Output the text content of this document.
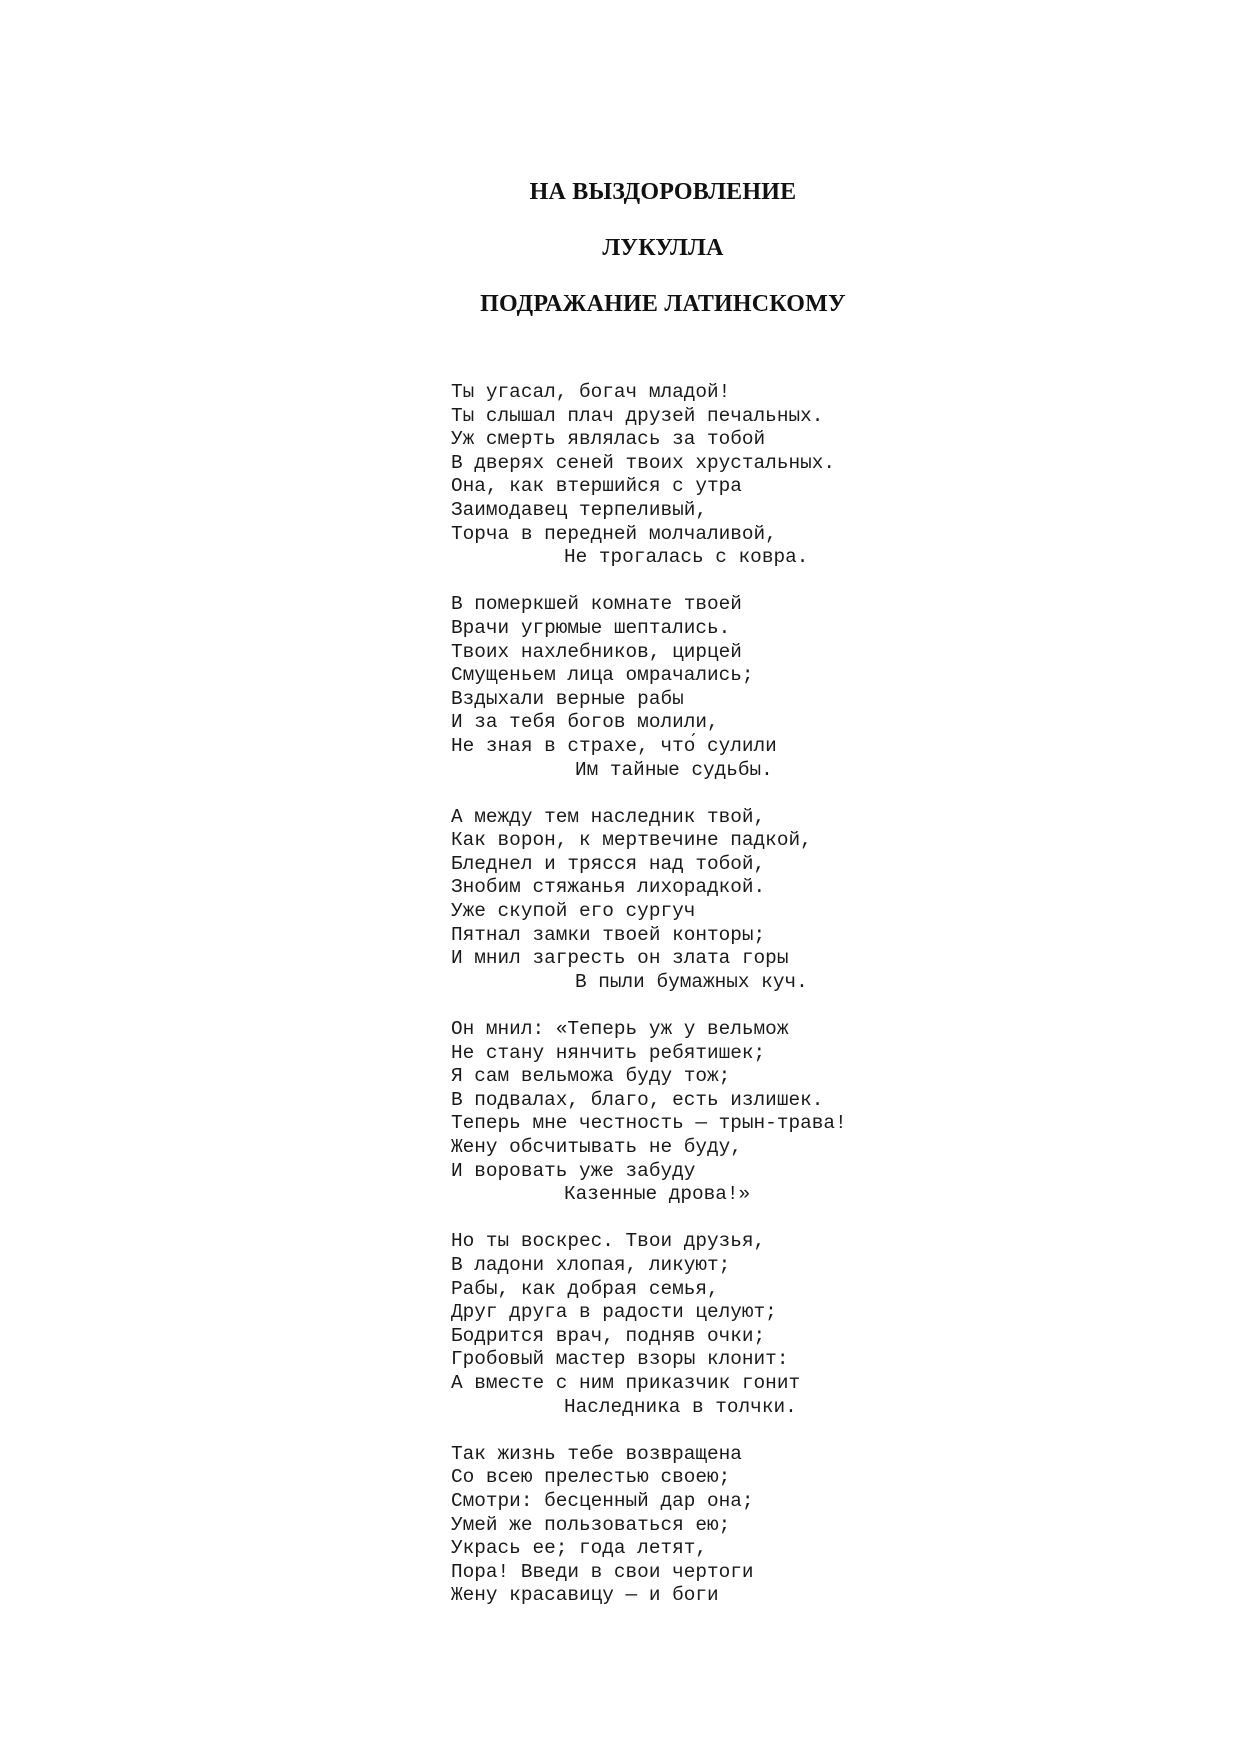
НА ВЫЗДОРОВЛЕНИЕ
ЛУКУЛЛА
ПОДРАЖАНИЕ ЛАТИНСКОМУ
Ты угасал, богач младой!
Ты слышал плач друзей печальных.
Уж смерть являлась за тобой
В дверях сеней твоих хрустальных.
Она, как втершийся с утра
Заимодавец терпеливый,
Торча в передней молчаливой,
Не трогалась с ковра.
В померкшей комнате твоей
Врачи угрюмые шептались.
Твоих нахлебников, цирцей
Смущеньем лица омрачались;
Вздыхали верные рабы
И за тебя богов молили,
Не зная в страхе, что́ сулили
Им тайные судьбы.
А между тем наследник твой,
Как ворон, к мертвечине падкой,
Бледнел и трясся над тобой,
Знобим стяжанья лихорадкой.
Уже скупой его сургуч
Пятнал замки твоей конторы;
И мнил загресть он злата горы
В пыли бумажных куч.
Он мнил: «Теперь уж у вельмож
Не стану нянчить ребятишек;
Я сам вельможа буду тож;
В подвалах, благо, есть излишек.
Теперь мне честность — трын-трава!
Жену обсчитывать не буду,
И воровать уже забуду
Казенные дрова!»
Но ты воскрес. Твои друзья,
В ладони хлопая, ликуют;
Рабы, как добрая семья,
Друг друга в радости целуют;
Бодрится врач, подняв очки;
Гробовый мастер взоры клонит:
А вместе с ним приказчик гонит
Наследника в толчки.
Так жизнь тебе возвращена
Со всею прелестью своею;
Смотри: бесценный дар она;
Умей же пользоваться ею;
Укрась ее; года летят,
Пора! Введи в свои чертоги
Жену красавицу — и боги
